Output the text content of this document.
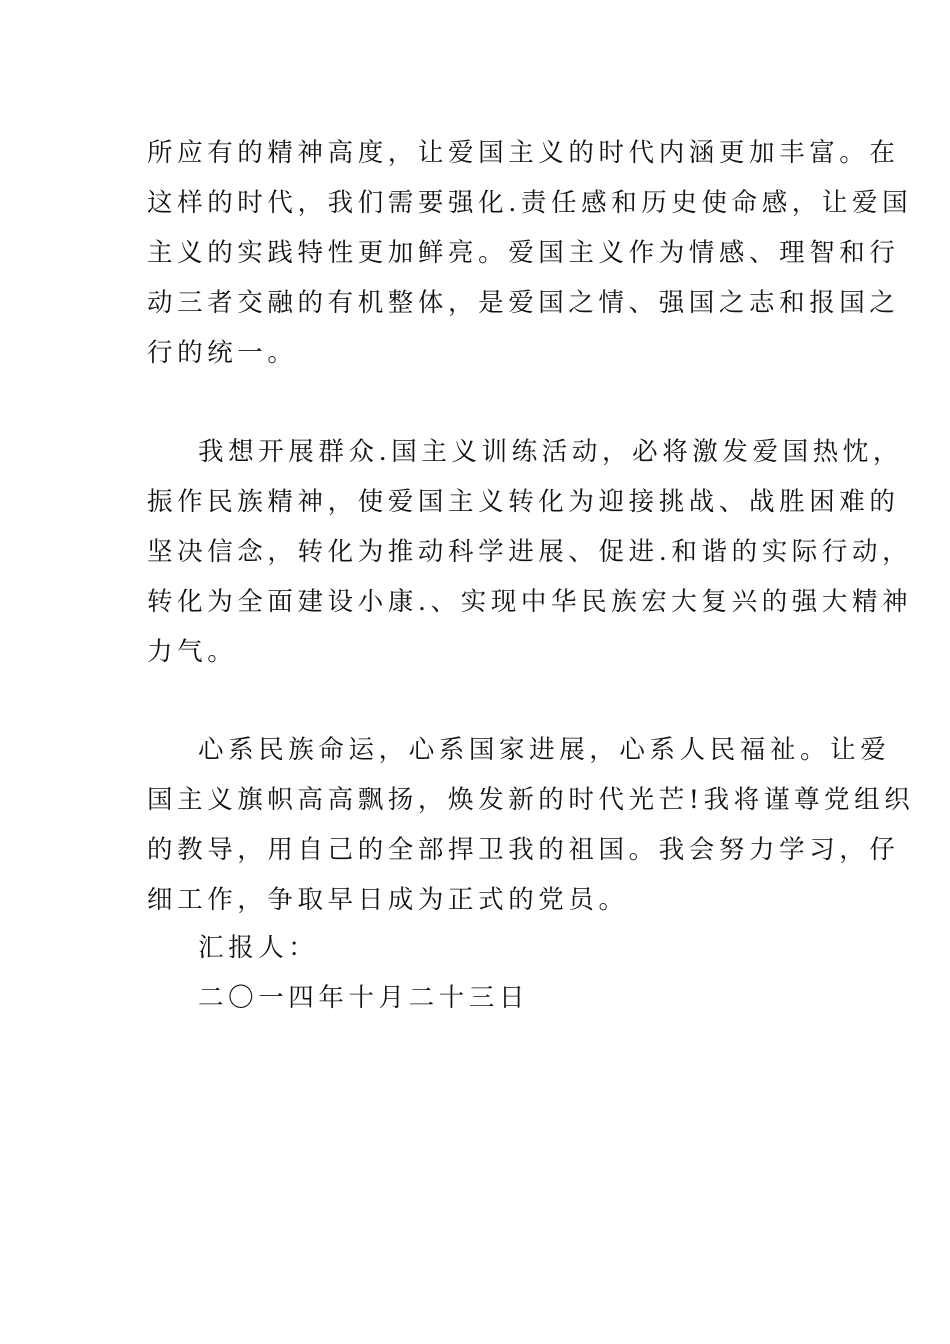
所应有的精神高度，让爱国主义的时代内涵更加丰富。在
这样的时代，我们需要强化.责任感和历史使命感，让爱国
主义的实践特性更加鲜亮。爱国主义作为情感、理智和行
动三者交融的有机整体，是爱国之情、强国之志和报国之
行的统一。
我想开展群众.国主义训练活动，必将激发爱国热忱，
振作民族精神，使爱国主义转化为迎接挑战、战胜困难的
坚决信念，转化为推动科学进展、促进.和谐的实际行动，
转化为全面建设小康.、实现中华民族宏大复兴的强大精神
力气。
心系民族命运，心系国家进展，心系人民福祉。让爱
国主义旗帜高高飘扬，焕发新的时代光芒!我将谨尊党组织
的教导，用自己的全部捍卫我的祖国。我会努力学习，仔
细工作，争取早日成为正式的党员。
汇报人：
二〇一四年十月二十三日
